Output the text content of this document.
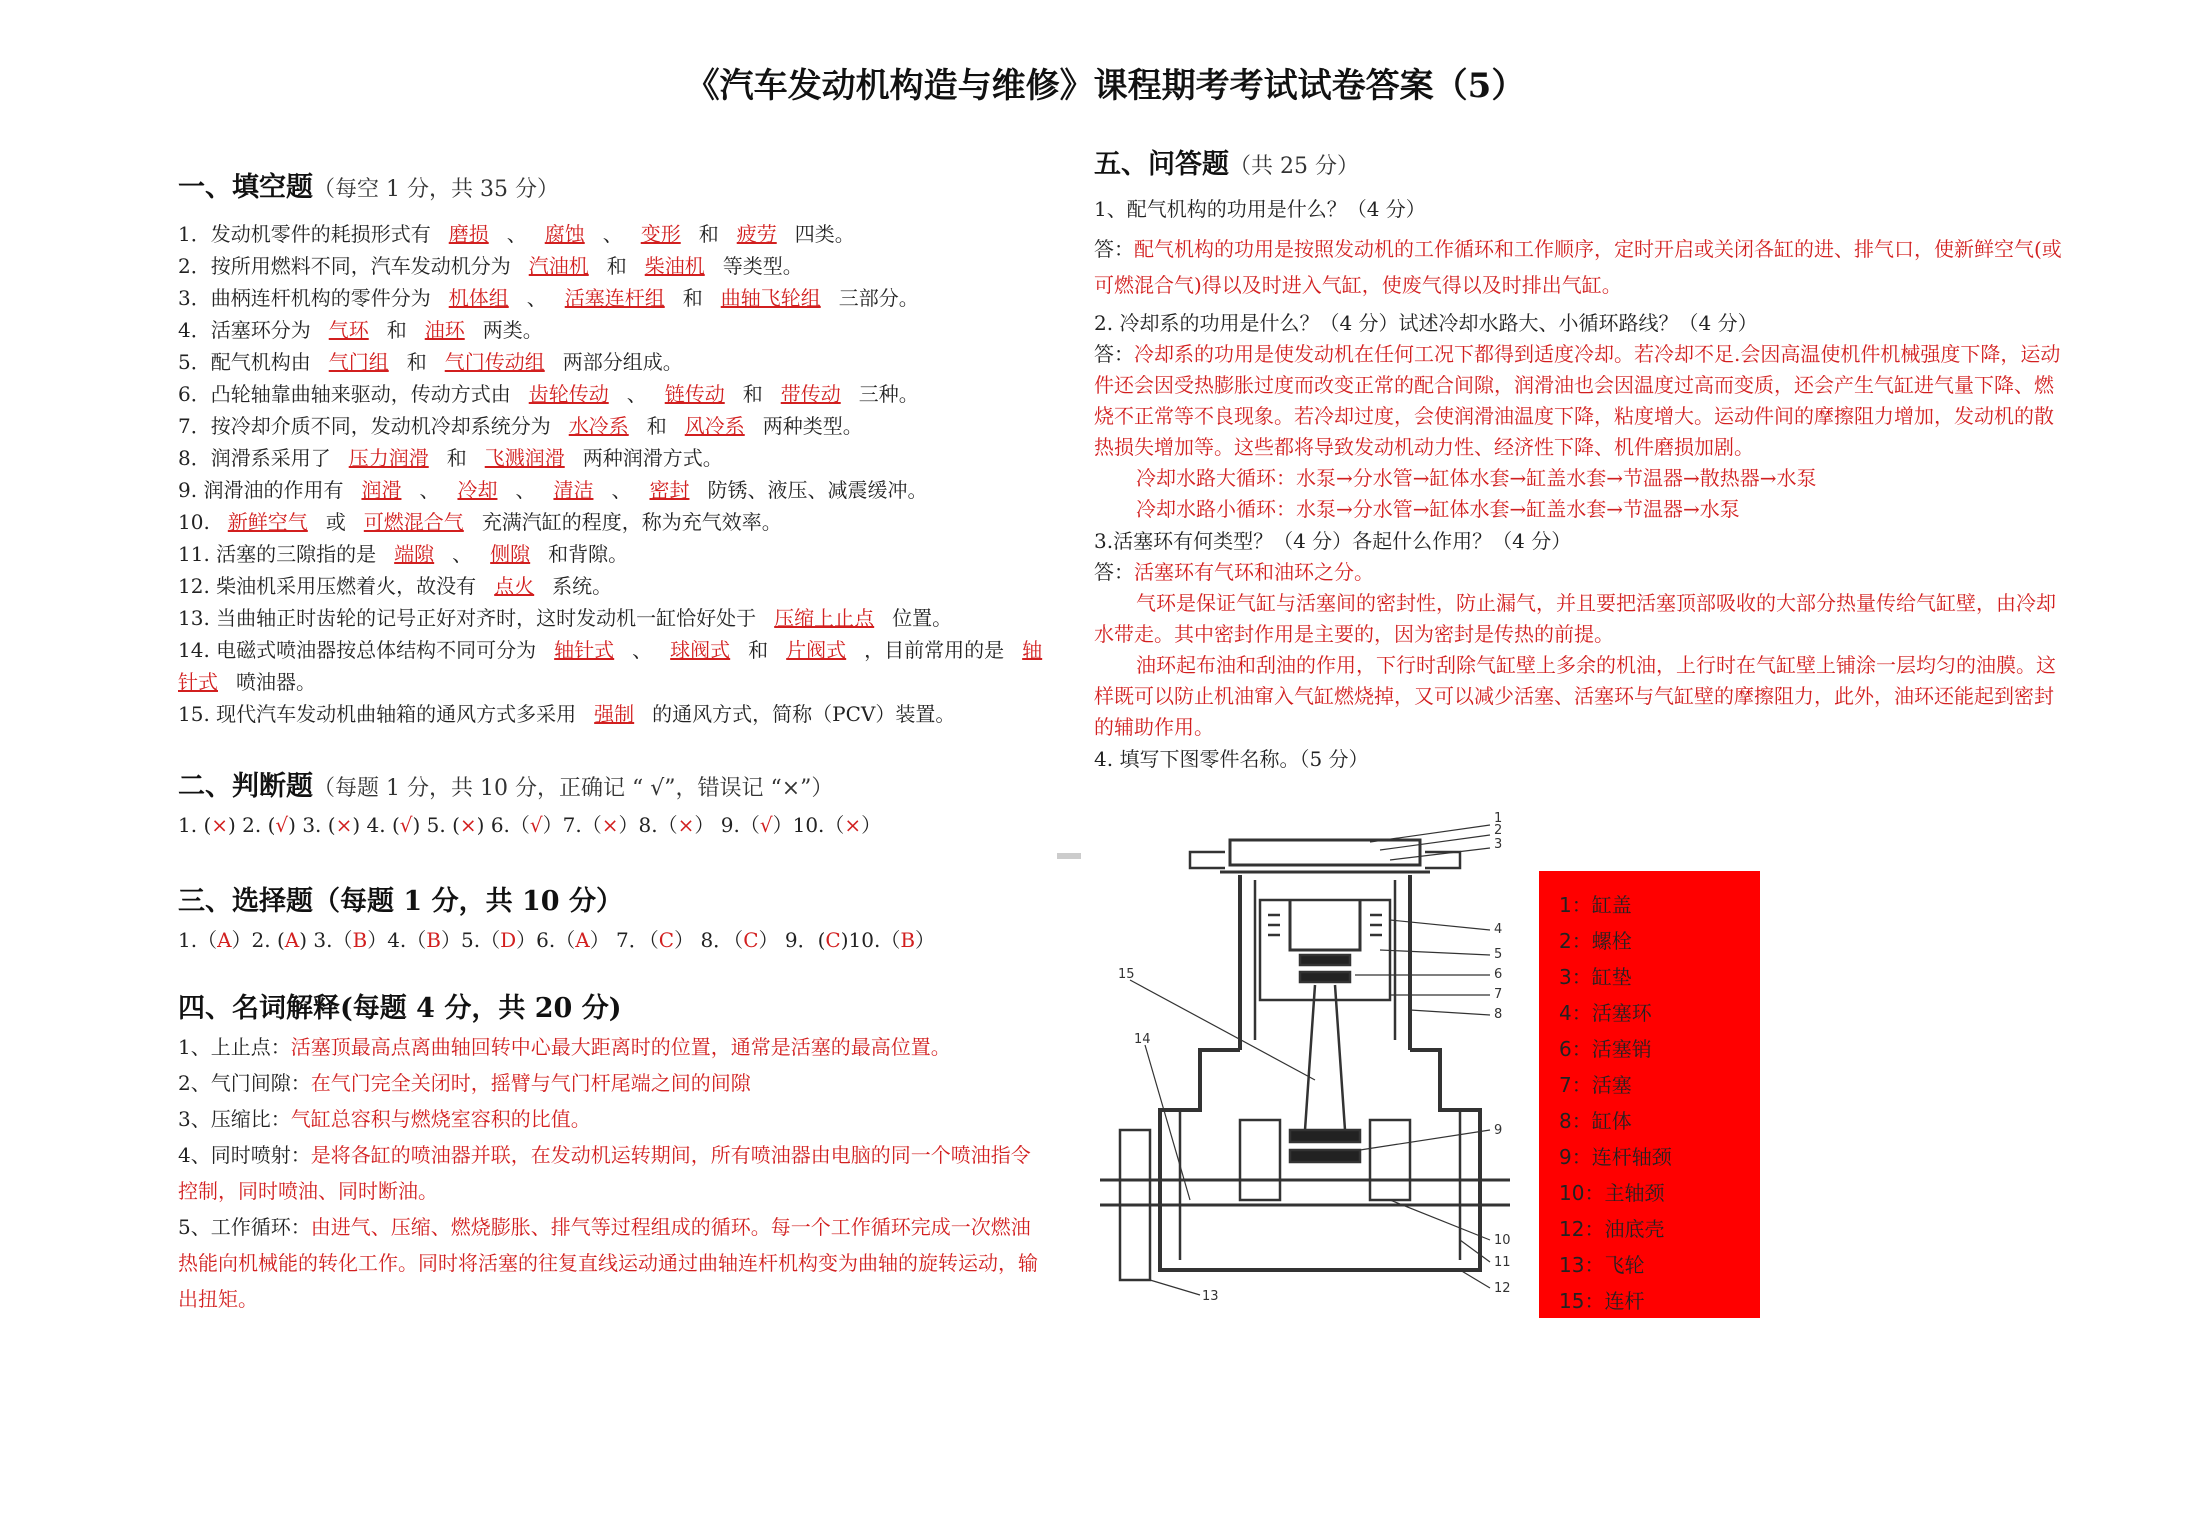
《汽车发动机构造与维修》课程期考考试试卷答案（5）
一、填空题（每空 1 分，共 35 分）

1．发动机零件的耗损形式有 磨损 、 腐蚀 、 变形 和 疲劳 四类。

2．按所用燃料不同，汽车发动机分为 汽油机 和 柴油机 等类型。

3．曲柄连杆机构的零件分为 机体组 、 活塞连杆组 和 曲轴飞轮组 三部分。

4．活塞环分为 气环 和 油环 两类。

5．配气机构由 气门组 和 气门传动组 两部分组成。

6．凸轮轴靠曲轴来驱动，传动方式由 齿轮传动 、 链传动 和 带传动 三种。

7．按冷却介质不同，发动机冷却系统分为 水冷系 和 风冷系 两种类型。

8．润滑系采用了 压力润滑 和 飞溅润滑 两种润滑方式。

9. 润滑油的作用有 润滑 、 冷却 、 清洁 、 密封 防锈、液压、减震缓冲。

10. 新鲜空气 或 可燃混合气 充满汽缸的程度，称为充气效率。

11. 活塞的三隙指的是 端隙 、 侧隙 和背隙。

12. 柴油机采用压燃着火，故没有 点火 系统。

13. 当曲轴正时齿轮的记号正好对齐时，这时发动机一缸恰好处于 压缩上止点 位置。

14. 电磁式喷油器按总体结构不同可分为 轴针式 、 球阀式 和 片阀式 ，目前常用的是 轴针式 喷油器。

15. 现代汽车发动机曲轴箱的通风方式多采用 强制 的通风方式，简称（PCV）装置。

二、判断题（每题 1 分，共 10 分，正确记 “ √”，错误记 “×”）
1. (×) 2. (√) 3. (×) 4. (√) 5. (×) 6.（√）7.（×）8.（×） 9.（√）10.（×）
三、选择题（每题 1 分，共 10 分）
1.（A）2. (A) 3.（B）4.（B）5.（D）6.（A） 7．（C） 8．（C） 9．(C)10.（B）
四、名词解释(每题 4 分，共 20 分)
1、上止点：活塞顶最高点离曲轴回转中心最大距离时的位置，通常是活塞的最高位置。
2、气门间隙：在气门完全关闭时，摇臂与气门杆尾端之间的间隙
3、压缩比：气缸总容积与燃烧室容积的比值。
4、同时喷射：是将各缸的喷油器并联，在发动机运转期间，所有喷油器由电脑的同一个喷油指令控制，同时喷油、同时断油。
5、工作循环：由进气、压缩、燃烧膨胀、排气等过程组成的循环。每一个工作循环完成一次燃油热能向机械能的转化工作。同时将活塞的往复直线运动通过曲轴连杆机构变为曲轴的旋转运动，输出扭矩。
五、问答题（共 25 分）

1、配气机构的功用是什么？（4 分）

答：配气机构的功用是按照发动机的工作循环和工作顺序，定时开启或关闭各缸的进、排气口，使新鲜空气(或可燃混合气)得以及时进入气缸，使废气得以及时排出气缸。

2. 冷却系的功用是什么？（4 分）试述冷却水路大、小循环路线？（4 分）

答：冷却系的功用是使发动机在任何工况下都得到适度冷却。若冷却不足.会因高温使机件机械强度下降，运动件还会因受热膨胀过度而改变正常的配合间隙，润滑油也会因温度过高而变质，还会产生气缸进气量下降、燃烧不正常等不良现象。若冷却过度，会使润滑油温度下降，粘度增大。运动件间的摩擦阻力增加，发动机的散热损失增加等。这些都将导致发动机动力性、经济性下降、机件磨损加剧。
冷却水路大循环：水泵→分水管→缸体水套→缸盖水套→节温器→散热器→水泵
冷却水路小循环：水泵→分水管→缸体水套→缸盖水套→节温器→水泵

3.活塞环有何类型？（4 分）各起什么作用？（4 分）

答：活塞环有气环和油环之分。
气环是保证气缸与活塞间的密封性，防止漏气，并且要把活塞顶部吸收的大部分热量传给气缸壁，由冷却水带走。其中密封作用是主要的，因为密封是传热的前提。
油环起布油和刮油的作用，下行时刮除气缸壁上多余的机油，上行时在气缸壁上铺涂一层均匀的油膜。这样既可以防止机油窜入气缸燃烧掉，又可以减少活塞、活塞环与气缸壁的摩擦阻力，此外，油环还能起到密封的辅助作用。

4. 填写下图零件名称。（5 分）

1
2
3
4
5
6
7
8
9
10
11
12
13
14
15
1：缸盖
2：螺栓
3：缸垫
4：活塞环
6：活塞销
7：活塞
8：缸体
9：连杆轴颈
10：主轴颈
12：油底壳
13：飞轮
15：连杆
